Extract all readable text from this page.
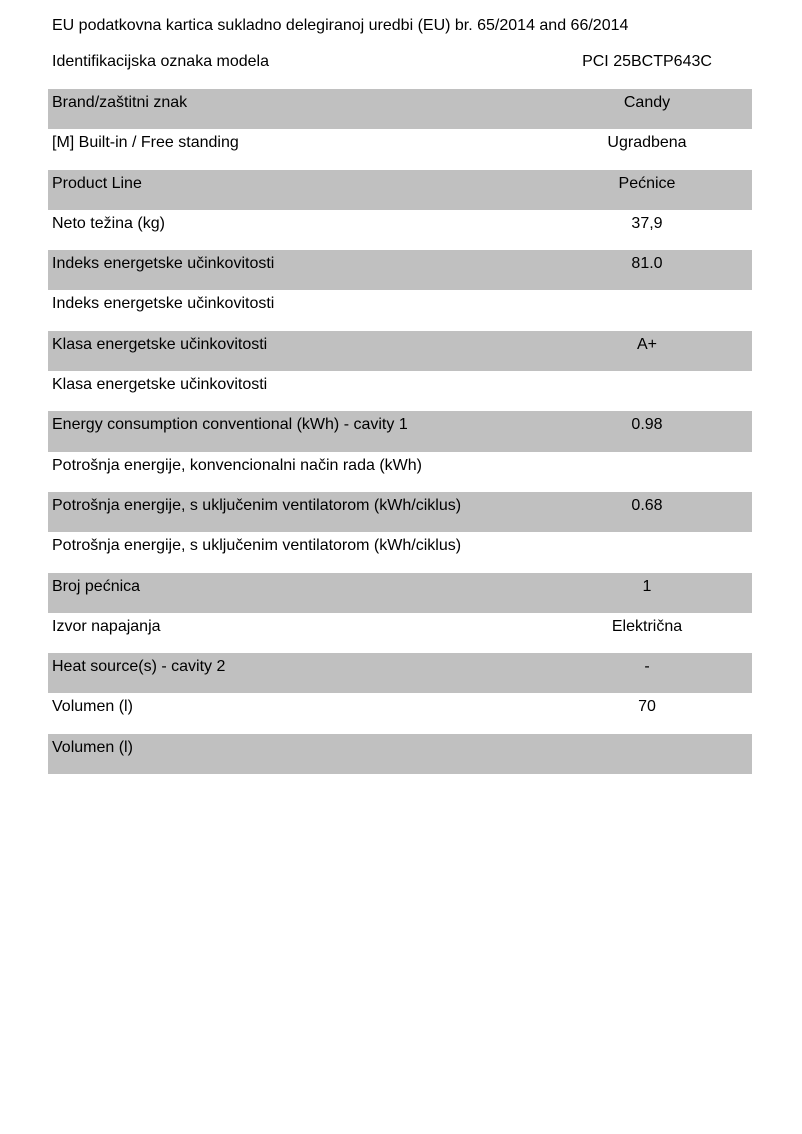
EU podatkovna kartica sukladno delegiranoj uredbi (EU) br. 65/2014 and 66/2014
Identifikacijska oznaka modela	PCI 25BCTP643C
Brand/zaštitni znak	Candy
[M] Built-in / Free standing	Ugradbena
Product Line	Pećnice
Neto težina (kg)	37,9
Indeks energetske učinkovitosti	81.0
Indeks energetske učinkovitosti
Klasa energetske učinkovitosti	A+
Klasa energetske učinkovitosti
Energy consumption conventional (kWh) - cavity 1	0.98
Potrošnja energije, konvencionalni način rada (kWh)
Potrošnja energije, s uključenim ventilatorom (kWh/ciklus)	0.68
Potrošnja energije, s uključenim ventilatorom (kWh/ciklus)
Broj pećnica	1
Izvor napajanja	Električna
Heat source(s) - cavity 2	-
Volumen (l)	70
Volumen (l)
